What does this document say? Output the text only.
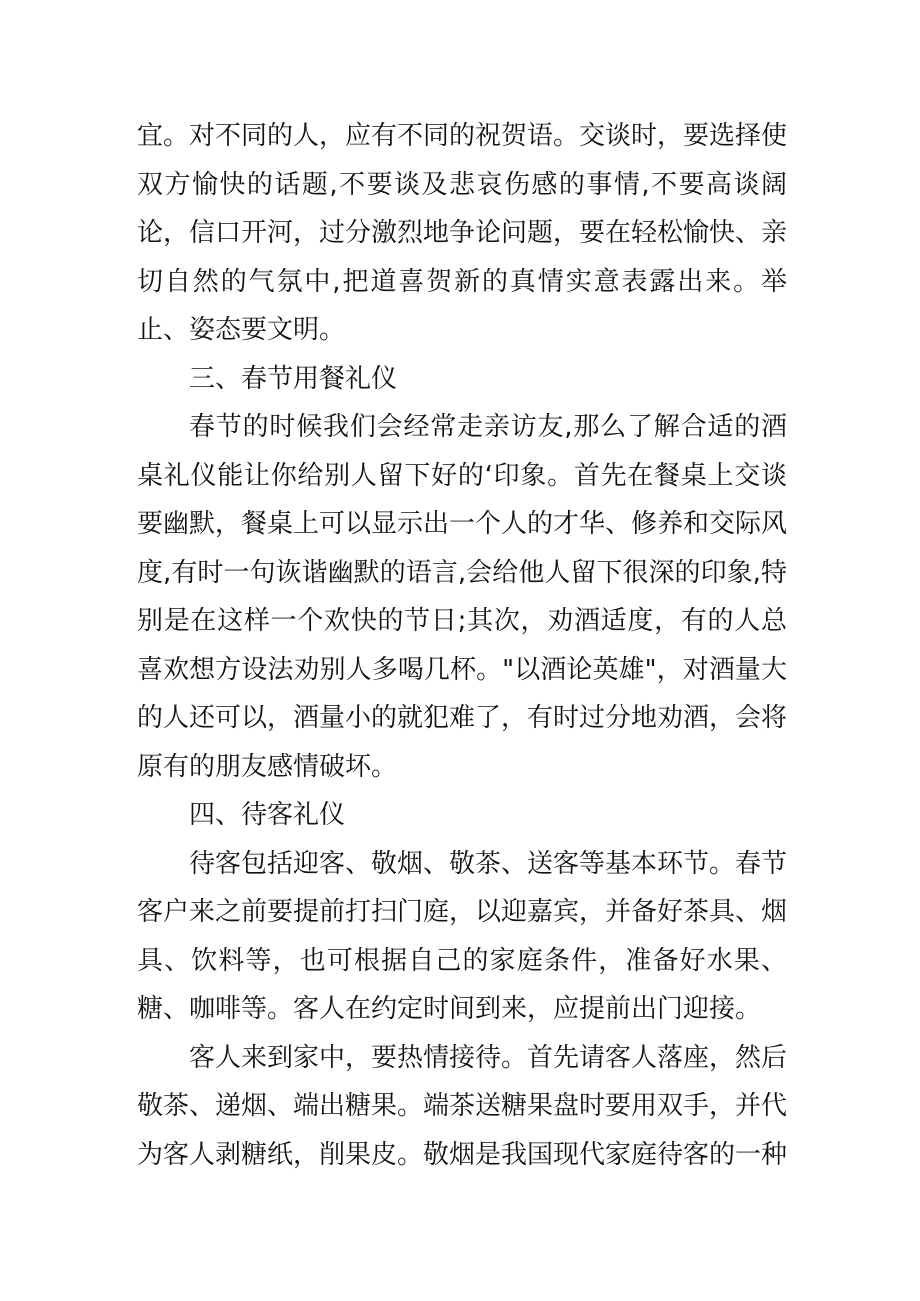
宜。对不同的人，应有不同的祝贺语。交谈时，要选择使双方愉快的话题,不要谈及悲哀伤感的事情,不要高谈阔论，信口开河，过分激烈地争论问题，要在轻松愉快、亲切自然的气氛中,把道喜贺新的真情实意表露出来。举止、姿态要文明。

三、春节用餐礼仪

春节的时候我们会经常走亲访友,那么了解合适的酒桌礼仪能让你给别人留下好的‘印象。首先在餐桌上交谈要幽默，餐桌上可以显示出一个人的才华、修养和交际风度,有时一句诙谐幽默的语言,会给他人留下很深的印象,特别是在这样一个欢快的节日;其次，劝酒适度，有的人总喜欢想方设法劝别人多喝几杯。"以酒论英雄"，对酒量大的人还可以，酒量小的就犯难了，有时过分地劝酒，会将原有的朋友感情破坏。

四、待客礼仪

待客包括迎客、敬烟、敬茶、送客等基本环节。春节客户来之前要提前打扫门庭，以迎嘉宾，并备好茶具、烟具、饮料等，也可根据自己的家庭条件，准备好水果、糖、咖啡等。客人在约定时间到来，应提前出门迎接。

客人来到家中，要热情接待。首先请客人落座，然后敬茶、递烟、端出糖果。端茶送糖果盘时要用双手，并代为客人剥糖纸，削果皮。敬烟是我国现代家庭待客的一种
